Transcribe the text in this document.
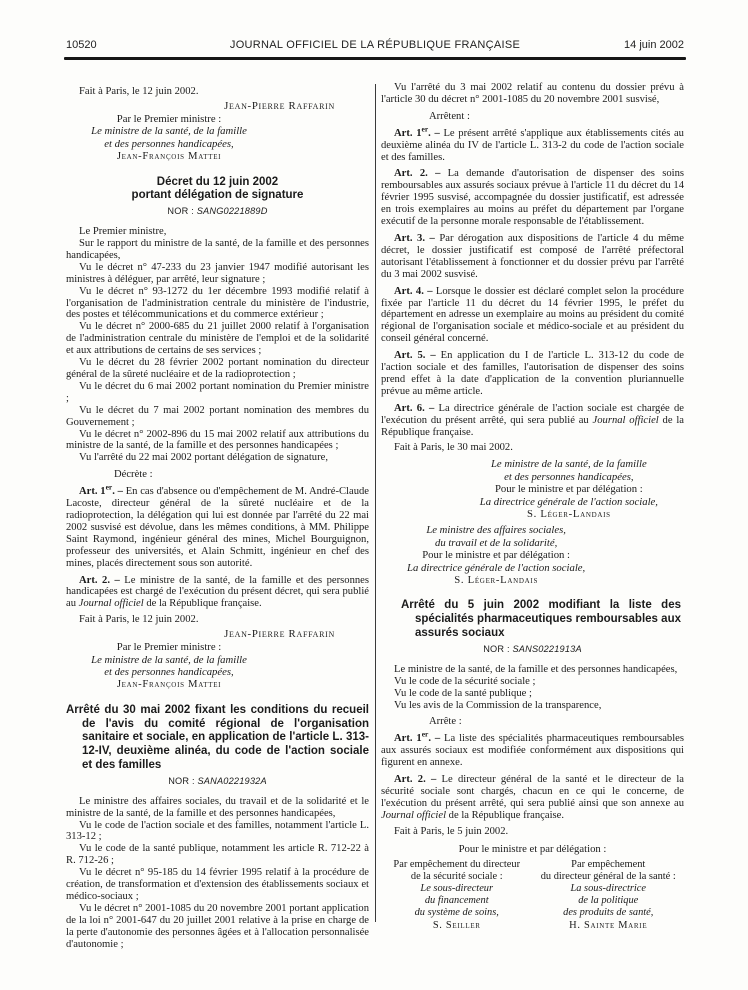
10520	JOURNAL OFFICIEL DE LA RÉPUBLIQUE FRANÇAISE	14 juin 2002

Fait à Paris, le 12 juin 2002.

Jean-Pierre Raffarin

Par le Premier ministre :

Le ministre de la santé, de la famille

et des personnes handicapées,

Jean-François Mattei

Décret du 12 juin 2002

portant délégation de signature

NOR : SANG0221889D

Le Premier ministre,

Sur le rapport du ministre de la santé, de la famille et des personnes handicapées,

Vu le décret n° 47-233 du 23 janvier 1947 modifié autorisant les ministres à déléguer, par arrêté, leur signature ;

Vu le décret n° 93-1272 du 1er décembre 1993 modifié relatif à l'organisation de l'administration centrale du ministère de l'industrie, des postes et télécommunications et du commerce extérieur ;

Vu le décret n° 2000-685 du 21 juillet 2000 relatif à l'organisation de l'administration centrale du ministère de l'emploi et de la solidarité et aux attributions de certains de ses services ;

Vu le décret du 28 février 2002 portant nomination du directeur général de la sûreté nucléaire et de la radioprotection ;

Vu le décret du 6 mai 2002 portant nomination du Premier ministre ;

Vu le décret du 7 mai 2002 portant nomination des membres du Gouvernement ;

Vu le décret n° 2002-896 du 15 mai 2002 relatif aux attributions du ministre de la santé, de la famille et des personnes handicapées ;

Vu l'arrêté du 22 mai 2002 portant délégation de signature,

Décrète :

Art. 1er. – En cas d'absence ou d'empêchement de M. André-Claude Lacoste, directeur général de la sûreté nucléaire et de la radioprotection, la délégation qui lui est donnée par l'arrêté du 22 mai 2002 susvisé est dévolue, dans les mêmes conditions, à MM. Philippe Saint Raymond, ingénieur général des mines, Michel Bourguignon, professeur des universités, et Alain Schmitt, ingénieur en chef des mines, placés directement sous son autorité.

Art. 2. – Le ministre de la santé, de la famille et des personnes handicapées est chargé de l'exécution du présent décret, qui sera publié au Journal officiel de la République française.

Fait à Paris, le 12 juin 2002.

Jean-Pierre Raffarin

Par le Premier ministre :

Le ministre de la santé, de la famille

et des personnes handicapées,

Jean-François Mattei

Arrêté du 30 mai 2002 fixant les conditions du recueil de l'avis du comité régional de l'organisation sanitaire et sociale, en application de l'article L. 313-12-IV, deuxième alinéa, du code de l'action sociale et des familles

NOR : SANA0221932A

Le ministre des affaires sociales, du travail et de la solidarité et le ministre de la santé, de la famille et des personnes handicapées,

Vu le code de l'action sociale et des familles, notamment l'article L. 313-12 ;

Vu le code de la santé publique, notamment les article R. 712-22 à R. 712-26 ;

Vu le décret n° 95-185 du 14 février 1995 relatif à la procédure de création, de transformation et d'extension des établissements sociaux et médico-sociaux ;

Vu le décret n° 2001-1085 du 20 novembre 2001 portant application de la loi n° 2001-647 du 20 juillet 2001 relative à la prise en charge de la perte d'autonomie des personnes âgées et à l'allocation personnalisée d'autonomie ;

Vu l'arrêté du 3 mai 2002 relatif au contenu du dossier prévu à l'article 30 du décret n° 2001-1085 du 20 novembre 2001 susvisé,

Arrêtent :

Art. 1er. – Le présent arrêté s'applique aux établissements cités au deuxième alinéa du IV de l'article L. 313-2 du code de l'action sociale et des familles.

Art. 2. – La demande d'autorisation de dispenser des soins remboursables aux assurés sociaux prévue à l'article 11 du décret du 14 février 1995 susvisé, accompagnée du dossier justificatif, est adressée en trois exemplaires au moins au préfet du département par l'organe exécutif de la personne morale responsable de l'établissement.

Art. 3. – Par dérogation aux dispositions de l'article 4 du même décret, le dossier justificatif est composé de l'arrêté préfectoral autorisant l'établissement à fonctionner et du dossier prévu par l'arrêté du 3 mai 2002 susvisé.

Art. 4. – Lorsque le dossier est déclaré complet selon la procédure fixée par l'article 11 du décret du 14 février 1995, le préfet du département en adresse un exemplaire au moins au président du comité régional de l'organisation sociale et médico-sociale et au président du conseil général concerné.

Art. 5. – En application du I de l'article L. 313-12 du code de l'action sociale et des familles, l'autorisation de dispenser des soins prend effet à la date d'application de la convention pluriannuelle prévue au même article.

Art. 6. – La directrice générale de l'action sociale est chargée de l'exécution du présent arrêté, qui sera publié au Journal officiel de la République française.

Fait à Paris, le 30 mai 2002.

Le ministre de la santé, de la famille

et des personnes handicapées,

Pour le ministre et par délégation :

La directrice générale de l'action sociale,

S. Léger-Landais

Le ministre des affaires sociales,

du travail et de la solidarité,

Pour le ministre et par délégation :

La directrice générale de l'action sociale,

S. Léger-Landais

Arrêté du 5 juin 2002 modifiant la liste des spécialités pharmaceutiques remboursables aux assurés sociaux

NOR : SANS0221913A

Le ministre de la santé, de la famille et des personnes handicapées,

Vu le code de la sécurité sociale ;

Vu le code de la santé publique ;

Vu les avis de la Commission de la transparence,

Arrête :

Art. 1er. – La liste des spécialités pharmaceutiques remboursables aux assurés sociaux est modifiée conformément aux dispositions qui figurent en annexe.

Art. 2. – Le directeur général de la santé et le directeur de la sécurité sociale sont chargés, chacun en ce qui le concerne, de l'exécution du présent arrêté, qui sera publié ainsi que son annexe au Journal officiel de la République française.

Fait à Paris, le 5 juin 2002.

Pour le ministre et par délégation :

Par empêchement du directeur

de la sécurité sociale :

Le sous-directeur

du financement

du système de soins,

S. Seiller

Par empêchement

du directeur général de la santé :

La sous-directrice

de la politique

des produits de santé,

H. Sainte Marie
